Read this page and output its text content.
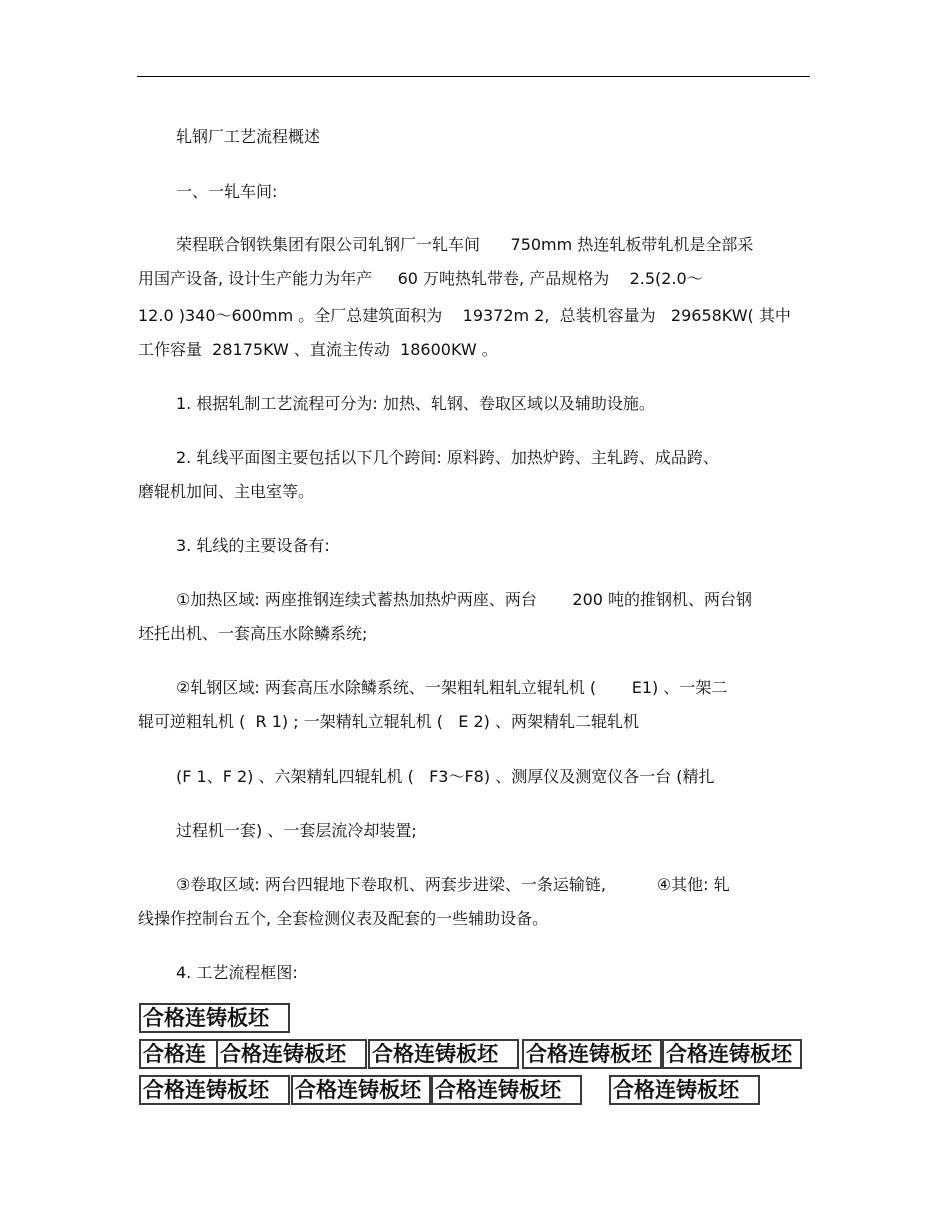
轧钢厂工艺流程概述
一、一轧车间:
荣程联合钢铁集团有限公司轧钢厂一轧车间      750mm 热连轧板带轧机是全部采
用国产设备, 设计生产能力为年产     60 万吨热轧带卷, 产品规格为    2.5(2.0～
12.0 )340～600mm 。全厂总建筑面积为    19372m 2,  总装机容量为   29658KW( 其中
工作容量  28175KW 、直流主传动  18600KW 。
1. 根据轧制工艺流程可分为: 加热、轧钢、卷取区域以及辅助设施。
2. 轧线平面图主要包括以下几个跨间: 原料跨、加热炉跨、主轧跨、成品跨、
磨辊机加间、主电室等。
3. 轧线的主要设备有:
①加热区域: 两座推钢连续式蓄热加热炉两座、两台       200 吨的推钢机、两台钢
坯托出机、一套高压水除鳞系统;
②轧钢区域: 两套高压水除鳞系统、一架粗轧粗轧立辊轧机 (       E1) 、一架二
辊可逆粗轧机 (  R 1) ; 一架精轧立辊轧机 (   E 2) 、两架精轧二辊轧机
(F 1、F 2) 、六架精轧四辊轧机 (   F3～F8) 、测厚仪及测宽仪各一台 (精扎
过程机一套) 、一套层流冷却装置;
③卷取区域: 两台四辊地下卷取机、两套步进梁、一条运输链,          ④其他: 轧
线操作控制台五个, 全套检测仪表及配套的一些辅助设备。
4. 工艺流程框图:
合格连铸板坯
合格连 合格连铸板坯	合格连铸板坯	合格连铸板坯 合格连铸板坯
合格连铸板坯	合格连铸板坯 合格连铸板坯	合格连铸板坯
